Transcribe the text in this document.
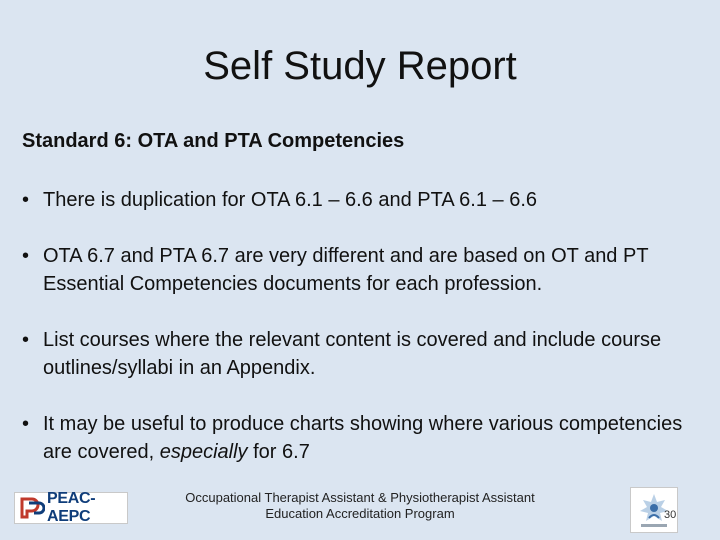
Self Study Report
Standard 6: OTA and PTA Competencies
• There is duplication for OTA 6.1 – 6.6 and PTA 6.1 – 6.6
• OTA 6.7 and PTA 6.7 are very different and are based on OT and PT Essential Competencies documents for each profession.
• List courses where the relevant content is covered and include course outlines/syllabi in an Appendix.
• It may be useful to produce charts showing where various competencies are covered, especially for 6.7
PEAC-AEPC
Occupational Therapist Assistant & Physiotherapist Assistant
Education Accreditation Program	30
